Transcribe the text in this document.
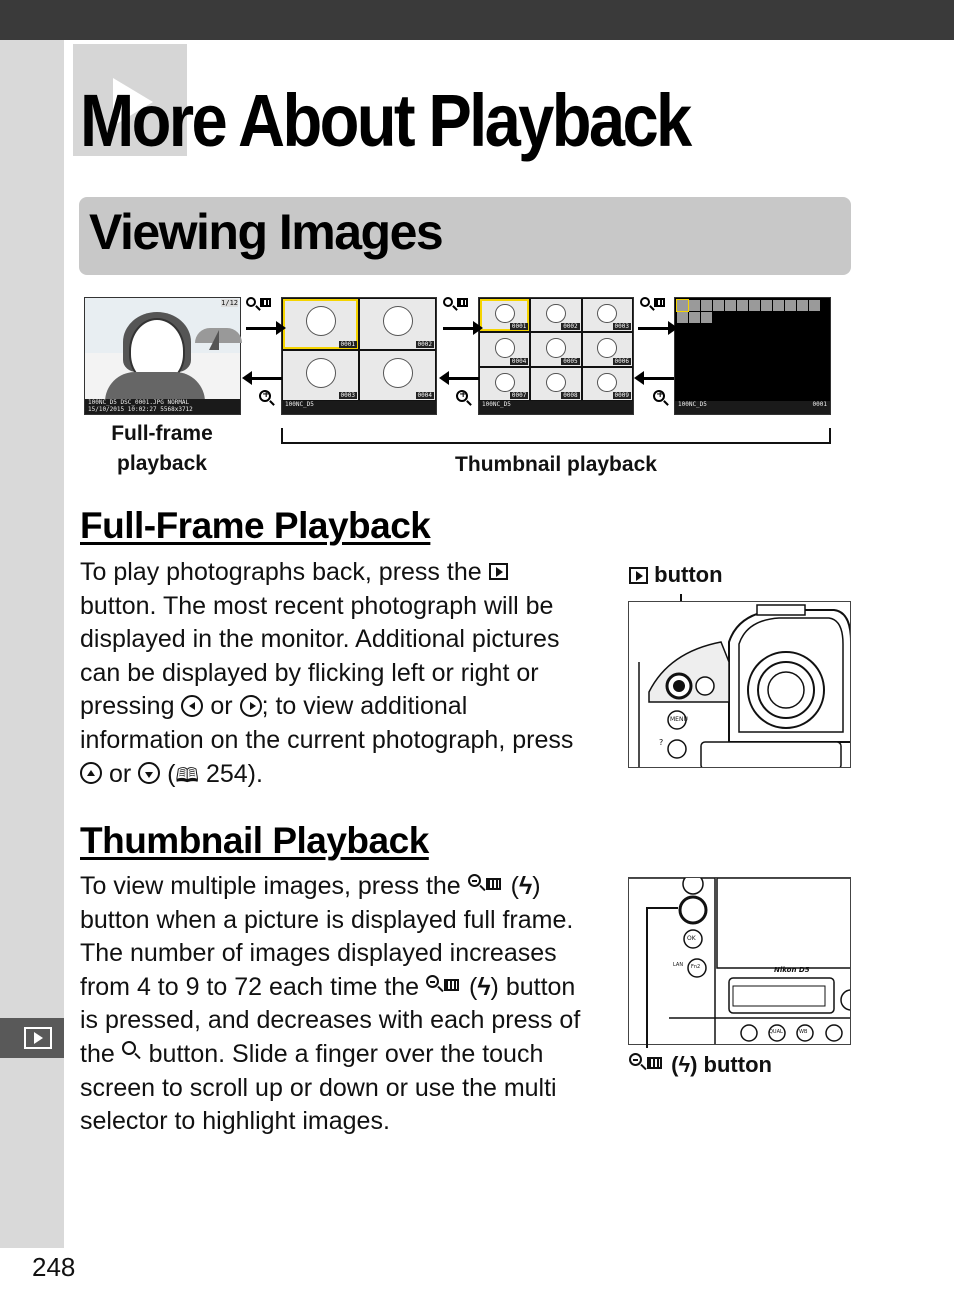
More About Playback
Viewing Images
1/12
100NC_D5 DSC_0001.JPG NORMAL
15/10/2015 10:02:27 5568x3712
0001	0002
0003	0004
100NC_D5
0001	0002	0003
0004	0005	0006
0007	0008	0009
100NC_D5	100NC_D5	0001
+
+
+
Full-frame
playback	Thumbnail playback
Full-Frame Playback

To play photographs back, press the

button. The most recent photograph will be

displayed in the monitor. Additional pictures

can be displayed by flicking left or right or

pressing  or ; to view additional

information on the current photograph, press

or  (🕮 254).

button
MENU
?
Thumbnail Playback

To view multiple images, press the
(ϟ)

button when a picture is displayed full frame.

The number of images displayed increases

from 4 to 9 to 72 each time the
(ϟ) button

is pressed, and decreases with each press of

the
button. Slide a finger over the touch

screen to scroll up or down or use the multi

selector to highlight images.

Nikon D5
OK
Fn2
QUAL	WB
LAN
(ϟ) button
248
